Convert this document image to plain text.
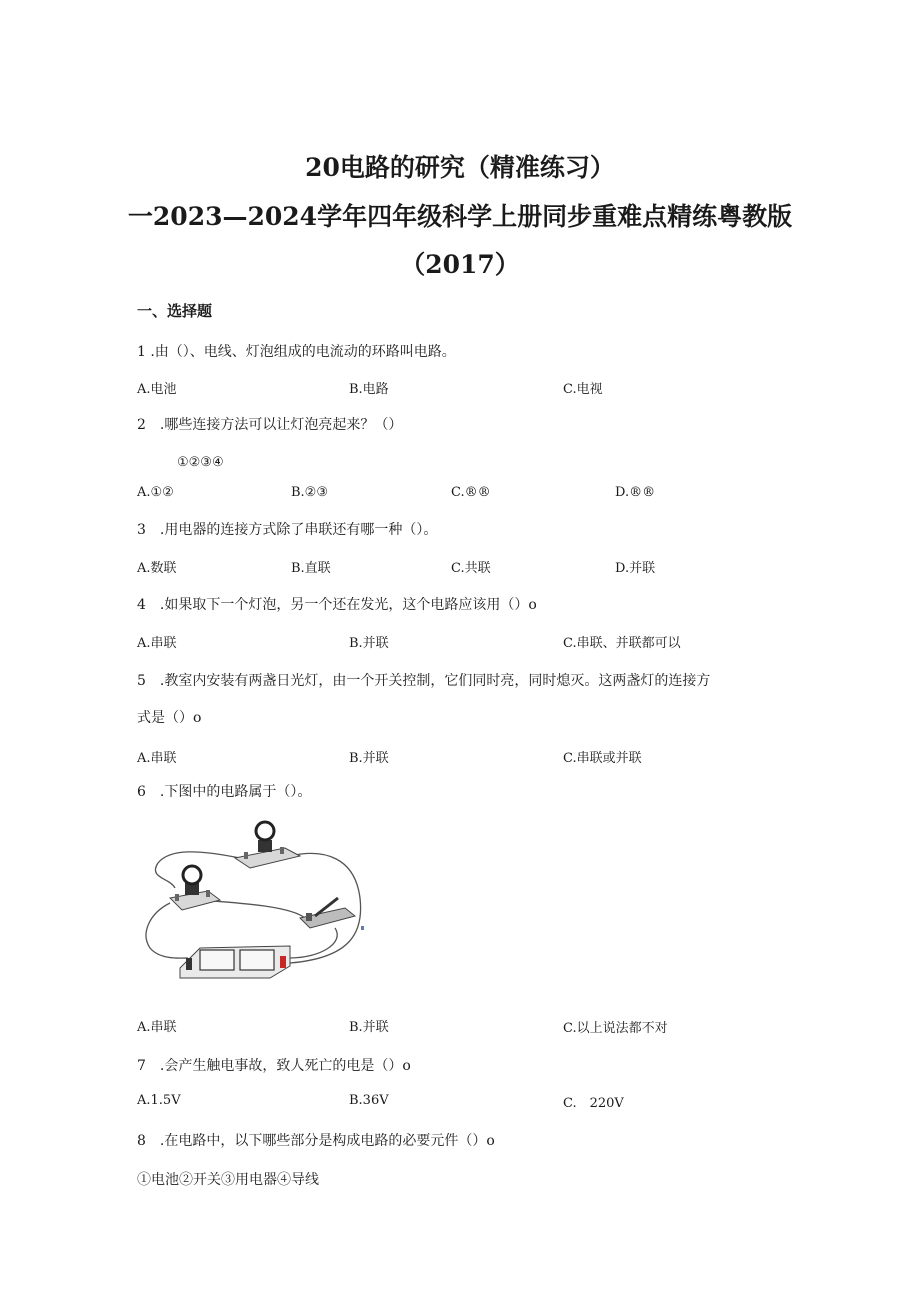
20电路的研究（精准练习）
一2023—2024学年四年级科学上册同步重难点精练粤教版
（2017）
一、选择题
1 .由（）、电线、灯泡组成的电流动的环路叫电路。
A.电池	B.电路	C.电视
2　.哪些连接方法可以让灯泡亮起来？（）
①②③④
A.①②	B.②③	C.®®	D.®®
3　.用电器的连接方式除了串联还有哪一种（）。
A.数联	B.直联	C.共联	D.并联
4　.如果取下一个灯泡，另一个还在发光，这个电路应该用（）o
A.串联	B.并联	C.串联、并联都可以
5　.教室内安装有两盏日光灯，由一个开关控制，它们同时亮，同时熄灭。这两盏灯的连接方
式是（）o
A.串联	B.并联	C.串联或并联
6　.下图中的电路属于（）。
A.串联	B.并联	C.以上说法都不对
7　.会产生触电事故，致人死亡的电是（）o
A.1.5V	B.36V	C.　220V
8　.在电路中，以下哪些部分是构成电路的必要元件（）o
①电池②开关③用电器④导线
